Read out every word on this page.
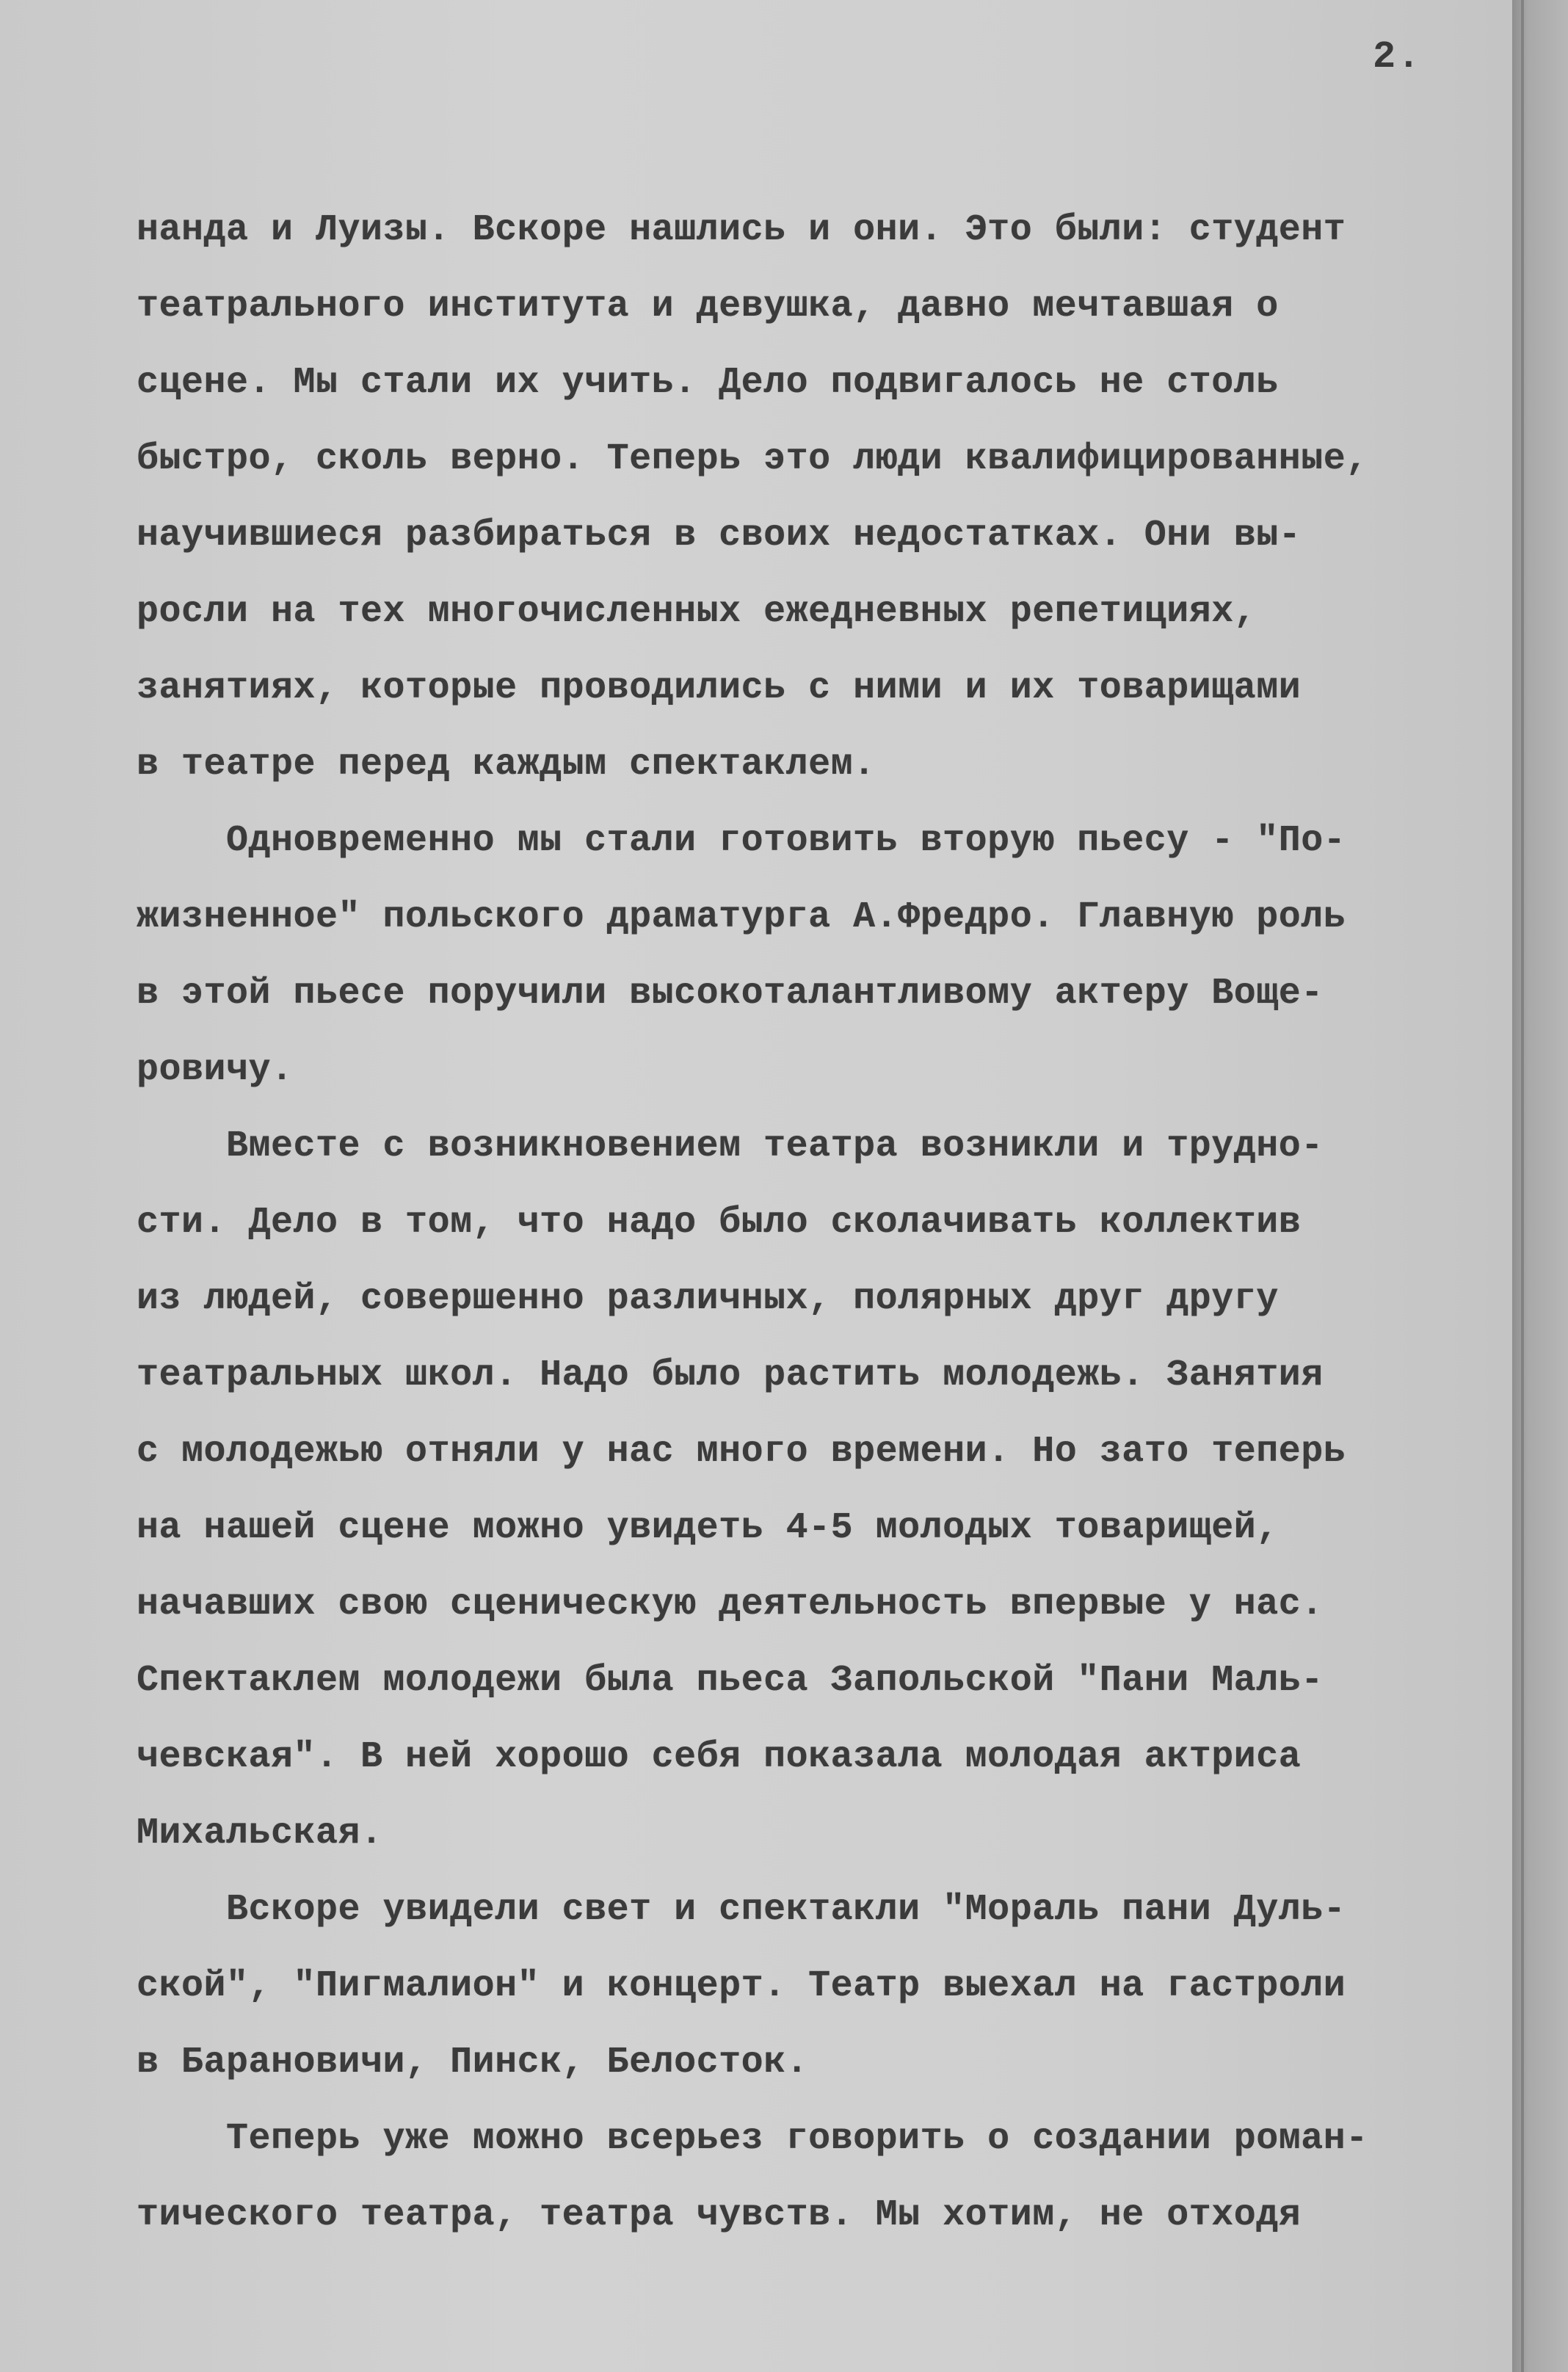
2.
нанда и Луизы. Вскоре нашлись и они. Это были: студент
театрального института и девушка, давно мечтавшая о
сцене. Мы стали их учить. Дело подвигалось не столь
быстро, сколь верно. Теперь это люди квалифицированные,
научившиеся разбираться в своих недостатках. Они вы-
росли на тех многочисленных ежедневных репетициях,
занятиях, которые проводились с ними и их товарищами
в театре перед каждым спектаклем.
Одновременно мы стали готовить вторую пьесу - "По-
жизненное" польского драматурга А.Фредро. Главную роль
в этой пьесе поручили высокоталантливому актеру Воще-
ровичу.
Вместе с возникновением театра возникли и трудно-
сти. Дело в том, что надо было сколачивать коллектив
из людей, совершенно различных, полярных друг другу
театральных школ. Надо было растить молодежь. Занятия
с молодежью отняли у нас много времени. Но зато теперь
на нашей сцене можно увидеть 4-5 молодых товарищей,
начавших свою сценическую деятельность впервые у нас.
Спектаклем молодежи была пьеса Запольской "Пани Маль-
чевская". В ней хорошо себя показала молодая актриса
Михальская.
Вскоре увидели свет и спектакли "Мораль пани Дуль-
ской", "Пигмалион" и концерт. Театр выехал на гастроли
в Барановичи, Пинск, Белосток.
Теперь уже можно всерьез говорить о создании роман-
тического театра, театра чувств. Мы хотим, не отходя
